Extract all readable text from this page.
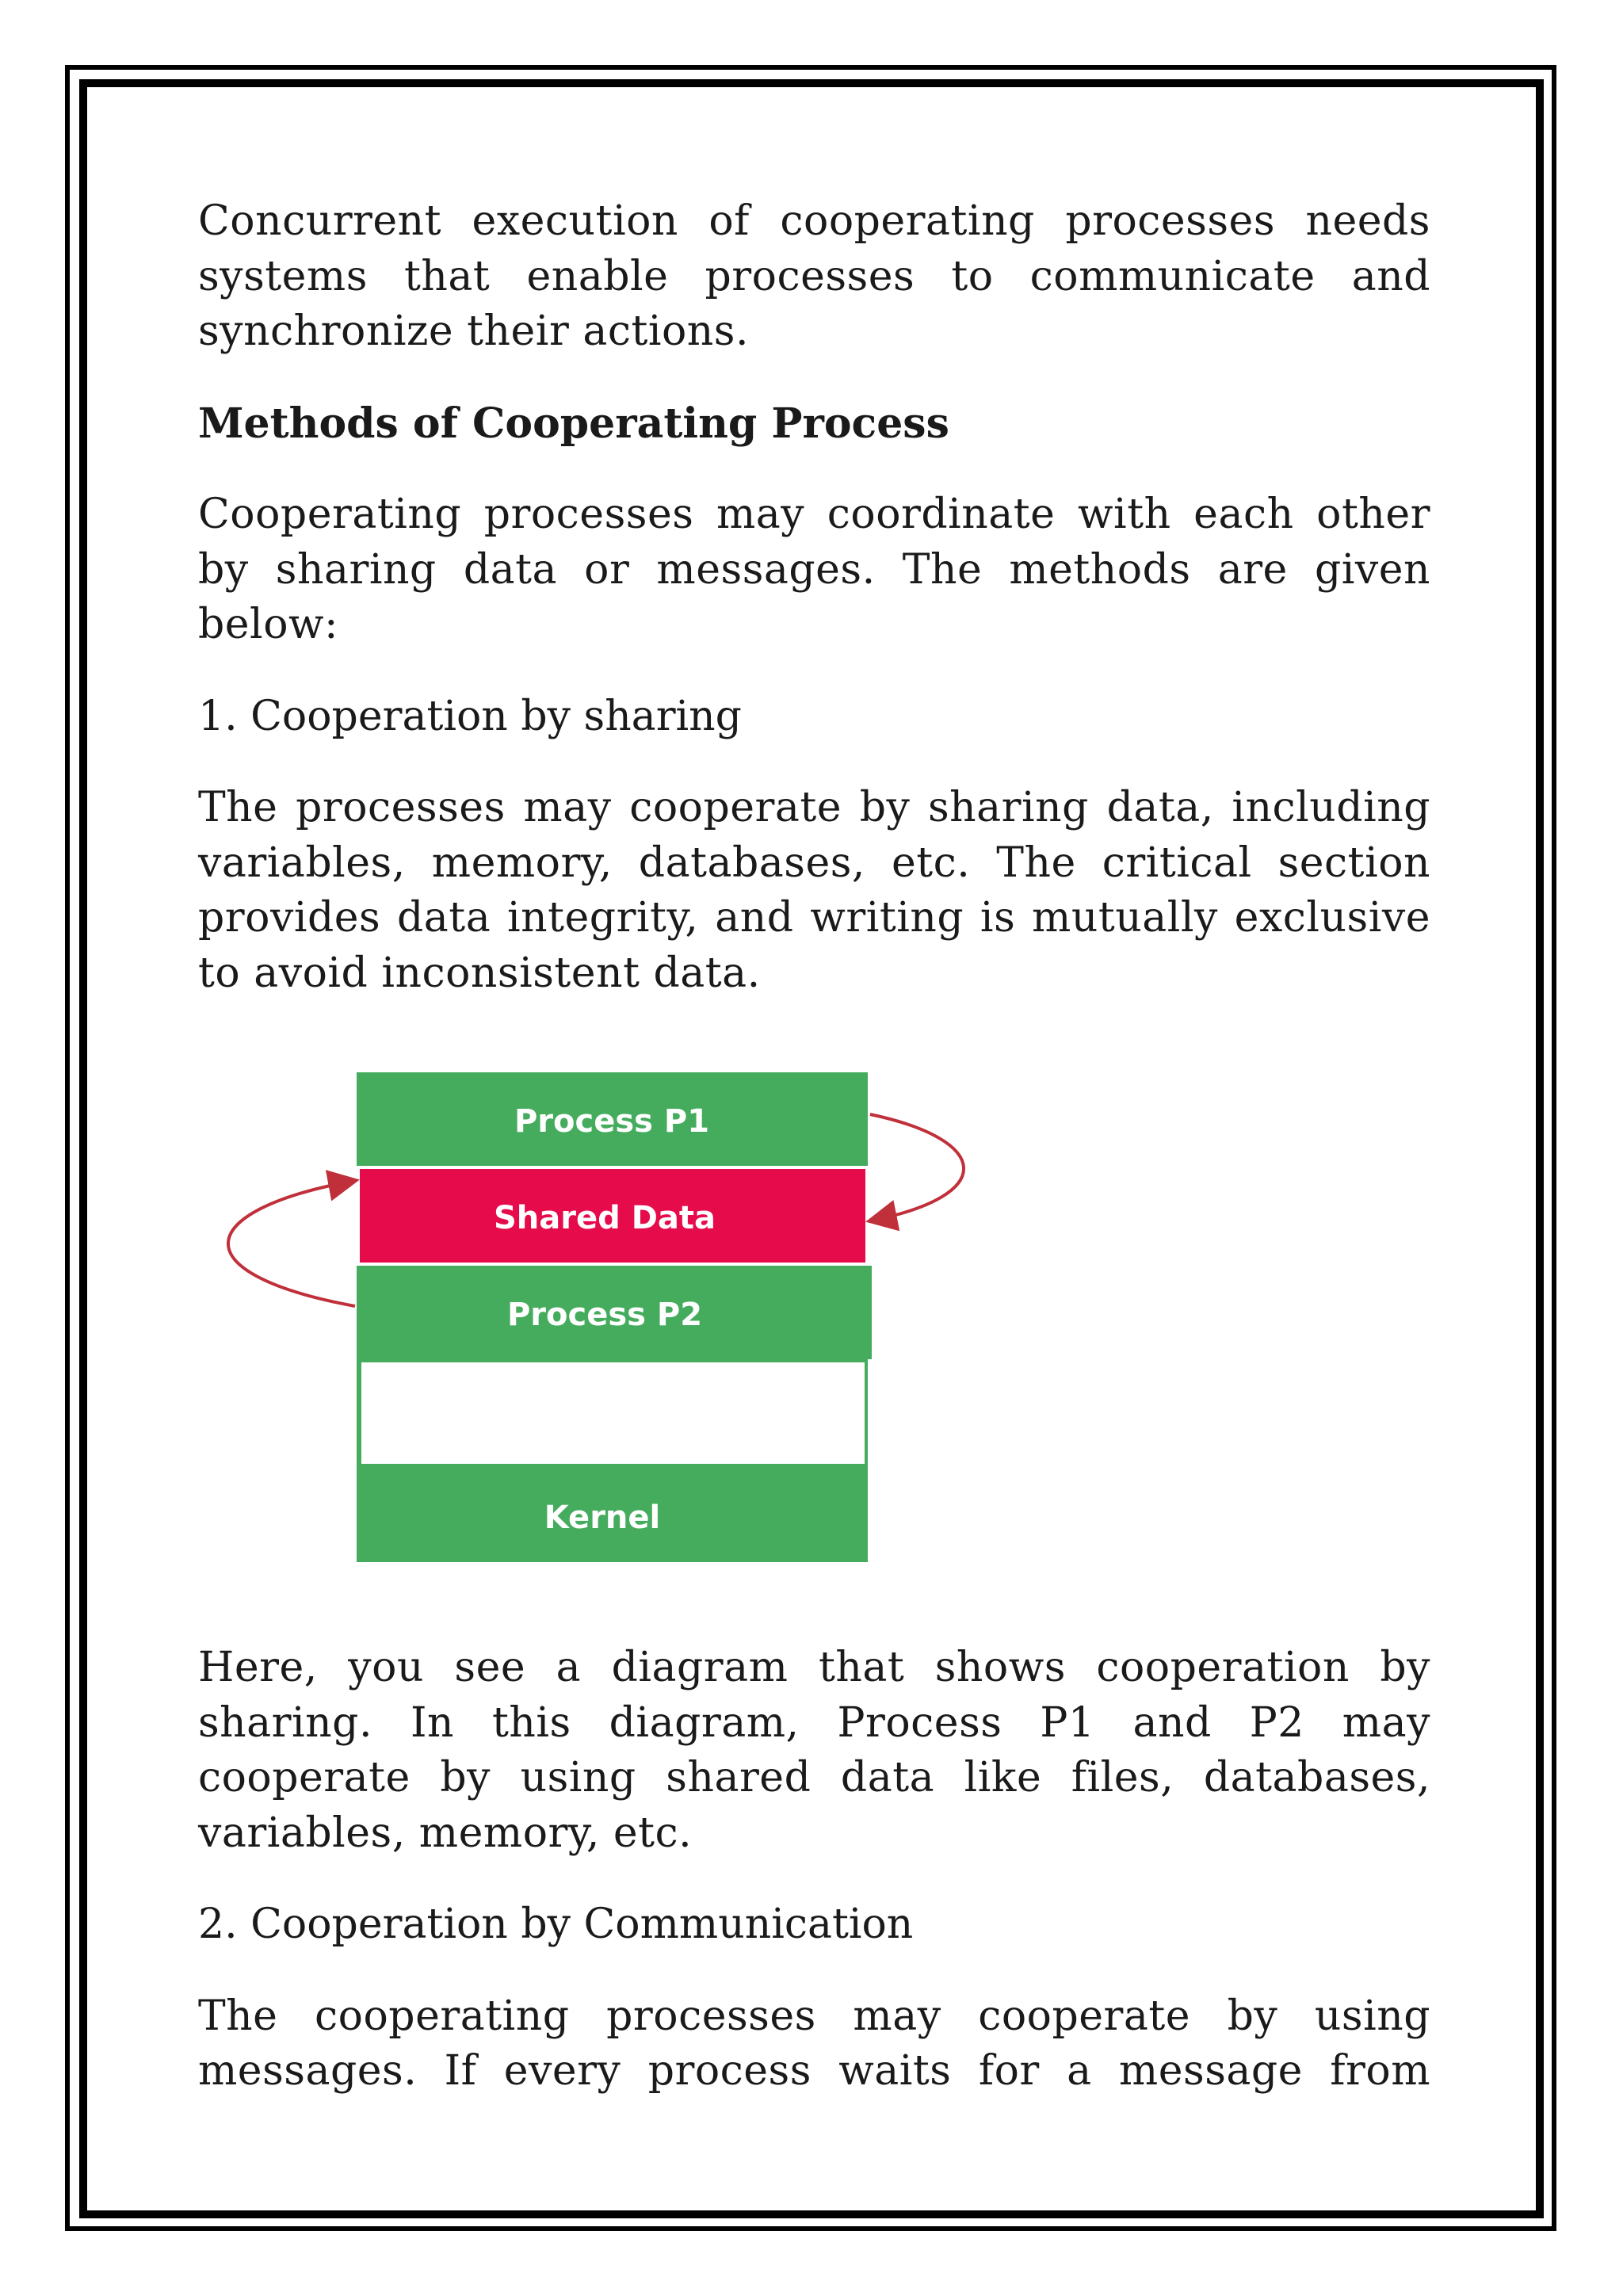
Concurrent execution of cooperating processes needs systems that enable processes to communicate and synchronize their actions.

Methods of Cooperating Process

Cooperating processes may coordinate with each other by sharing data or messages. The methods are given below:

1. Cooperation by sharing

The processes may cooperate by sharing data, including variables, memory, databases, etc. The critical section provides data integrity, and writing is mutually exclusive to avoid inconsistent data.

Process P1
Shared Data
Process P2
Kernel

Here, you see a diagram that shows cooperation by sharing. In this diagram, Process P1 and P2 may cooperate by using shared data like files, databases, variables, memory, etc.

2. Cooperation by Communication

The cooperating processes may cooperate by using messages. If every process waits for a message from
